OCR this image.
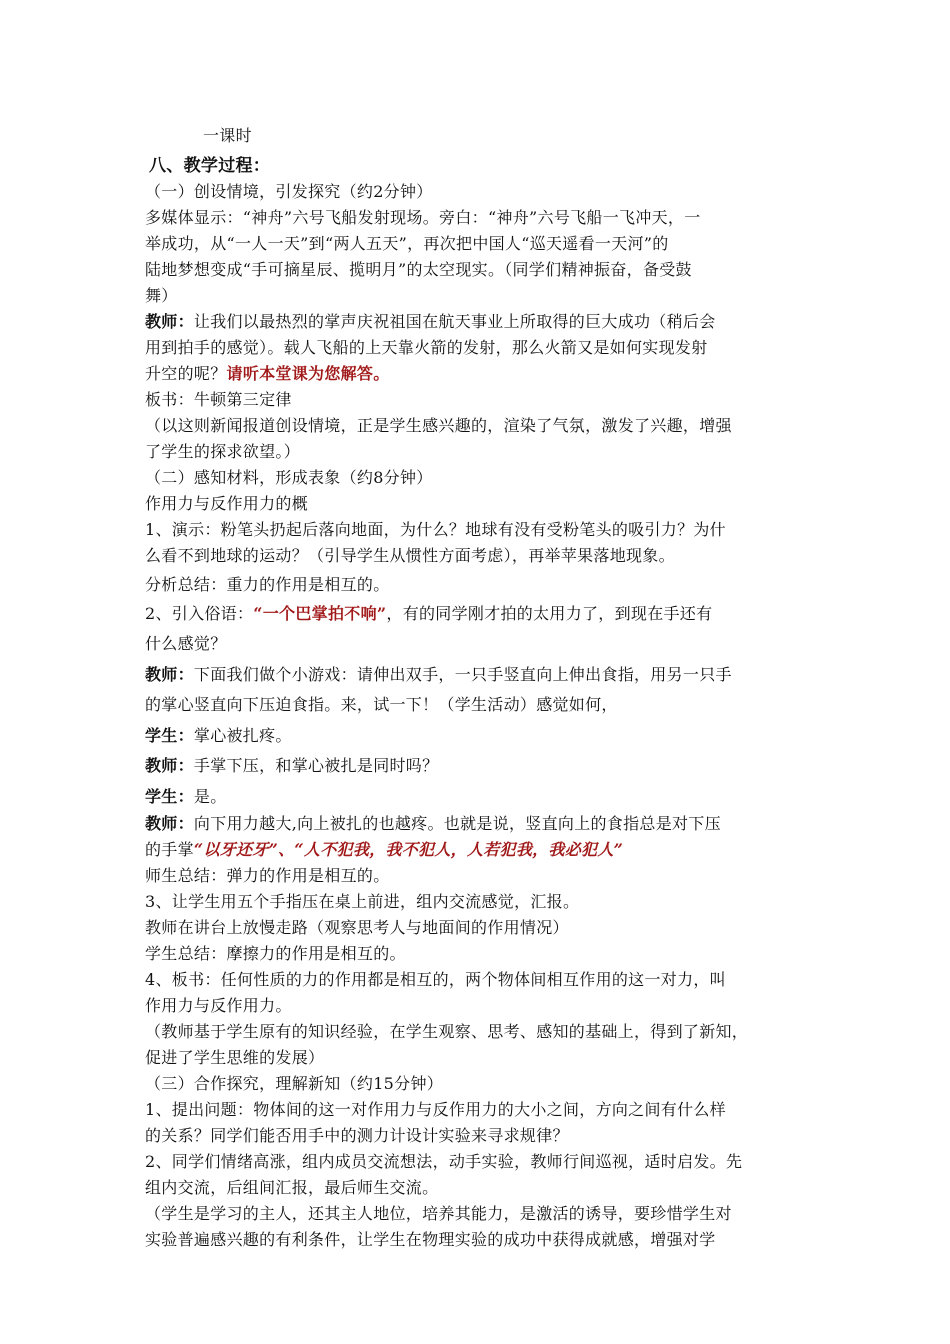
一课时
八、教学过程：
（一）创设情境，引发探究（约2分钟）
多媒体显示：“神舟”六号飞船发射现场。旁白：“神舟”六号飞船一飞冲天，一
举成功，从“一人一天”到“两人五天”，再次把中国人“巡天遥看一天河”的
陆地梦想变成“手可摘星辰、揽明月”的太空现实。（同学们精神振奋，备受鼓
舞）
教师：让我们以最热烈的掌声庆祝祖国在航天事业上所取得的巨大成功（稍后会
用到拍手的感觉）。载人飞船的上天靠火箭的发射，那么火箭又是如何实现发射
升空的呢？请听本堂课为您解答。
板书：牛顿第三定律
（以这则新闻报道创设情境，正是学生感兴趣的，渲染了气氛，激发了兴趣，增强
了学生的探求欲望。）
（二）感知材料，形成表象（约8分钟）
作用力与反作用力的概
1、演示：粉笔头扔起后落向地面，为什么？地球有没有受粉笔头的吸引力？为什
么看不到地球的运动？（引导学生从惯性方面考虑），再举苹果落地现象。
分析总结：重力的作用是相互的。
2、引入俗语：“一个巴掌拍不响”，有的同学刚才拍的太用力了，到现在手还有
什么感觉？
教师：下面我们做个小游戏：请伸出双手，一只手竖直向上伸出食指，用另一只手
的掌心竖直向下压迫食指。来，试一下！（学生活动）感觉如何，
学生：掌心被扎疼。
教师：手掌下压，和掌心被扎是同时吗？
学生：是。
教师：向下用力越大,向上被扎的也越疼。也就是说，竖直向上的食指总是对下压
的手掌“以牙还牙”、“人不犯我，我不犯人，人若犯我，我必犯人”
师生总结：弹力的作用是相互的。
3、让学生用五个手指压在桌上前进，组内交流感觉，汇报。
教师在讲台上放慢走路（观察思考人与地面间的作用情况）
学生总结：摩擦力的作用是相互的。
4、板书：任何性质的力的作用都是相互的，两个物体间相互作用的这一对力，叫
作用力与反作用力。
（教师基于学生原有的知识经验，在学生观察、思考、感知的基础上，得到了新知，
促进了学生思维的发展）
（三）合作探究，理解新知（约15分钟）
1、提出问题：物体间的这一对作用力与反作用力的大小之间，方向之间有什么样
的关系？同学们能否用手中的测力计设计实验来寻求规律？
2、同学们情绪高涨，组内成员交流想法，动手实验，教师行间巡视，适时启发。先
组内交流，后组间汇报，最后师生交流。
（学生是学习的主人，还其主人地位，培养其能力，是激活的诱导，要珍惜学生对
实验普遍感兴趣的有利条件，让学生在物理实验的成功中获得成就感，增强对学
